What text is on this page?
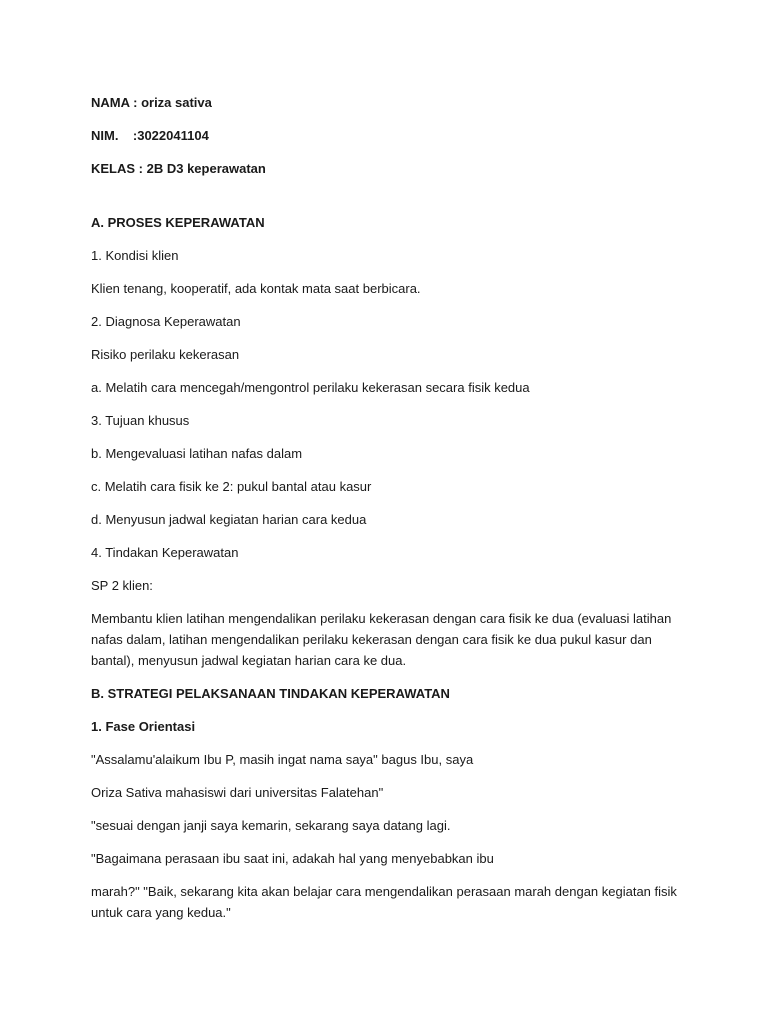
NAMA : oriza sativa

NIM.    :3022041104

KELAS : 2B D3 keperawatan

A. PROSES KEPERAWATAN

1. Kondisi klien

Klien tenang, kooperatif, ada kontak mata saat berbicara.

2. Diagnosa Keperawatan

Risiko perilaku kekerasan

a. Melatih cara mencegah/mengontrol perilaku kekerasan secara fisik kedua

3. Tujuan khusus

b. Mengevaluasi latihan nafas dalam

c. Melatih cara fisik ke 2: pukul bantal atau kasur

d. Menyusun jadwal kegiatan harian cara kedua

4. Tindakan Keperawatan

SP 2 klien:

Membantu klien latihan mengendalikan perilaku kekerasan dengan cara fisik ke dua (evaluasi latihan nafas dalam, latihan mengendalikan perilaku kekerasan dengan cara fisik ke dua pukul kasur dan bantal), menyusun jadwal kegiatan harian cara ke dua.

B. STRATEGI PELAKSANAAN TINDAKAN KEPERAWATAN

1. Fase Orientasi

"Assalamu'alaikum Ibu P, masih ingat nama saya" bagus Ibu, saya

Oriza Sativa mahasiswi dari universitas Falatehan"

"sesuai dengan janji saya kemarin, sekarang saya datang lagi.

"Bagaimana perasaan ibu saat ini, adakah hal yang menyebabkan ibu

marah?" "Baik, sekarang kita akan belajar cara mengendalikan perasaan marah dengan kegiatan fisik untuk cara yang kedua."
